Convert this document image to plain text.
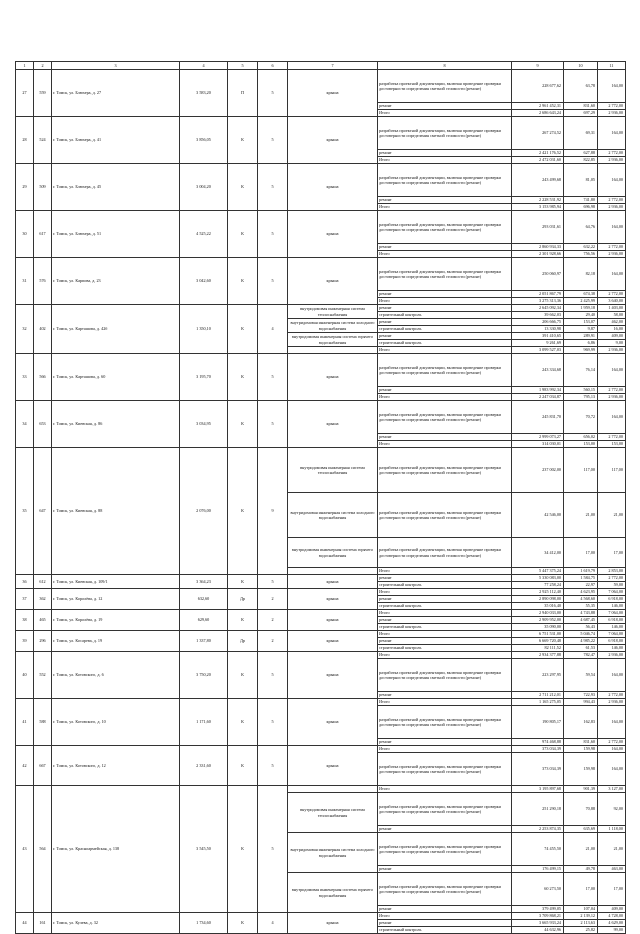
1	2	3	4	5	6	7	8	9	10	11
27	559	г. Томск, ул. Блюхера, д. 27	3 583,20	П	5	крыша	разработка проектной документации, включая проведение проверки достоверности определения сметной стоимости (ремонт)	228 677,62	63,78	164,00
							ремонт	2 961 452,31	831,60	2 772,00
							Итого	2 686 643,24	697,29	2 936,00
28	524	г. Томск, ул. Блюхера, д. 41	3 856,05	К	5	крыша	разработка проектной документации, включая проведение проверки достоверности определения сметной стоимости (ремонт)	267 274,52	69,31	164,00
							ремонт	2 421 176,52	627,88	2 772,00
							Итого	2 472 031,60	822,85	2 936,00
29	509	г. Томск, ул. Блюхера, д. 45	3 004,20	К	5	крыша	разработка проектной документации, включая проведение проверки достоверности определения сметной стоимости (ремонт)	243 499,68	81,05	164,00
							ремонт	2 228 531,92	741,80	2 772,00
							Итого	3 153 985,94	696,98	2 936,00
30	617	г. Томск, ул. Блюхера, д. 51	4 525,22	К	5	крыша	разработка проектной документации, включая проведение проверки достоверности определения сметной стоимости (ремонт)	293 031,61	64,76	164,00
							ремонт	2 860 934,33	632,22	2 772,00
							Итого	2 301 928,66	756,56	2 936,00
31	576	г. Томск, ул. Карпова, д. 23	3 042,60	К	5	крыша	разработка проектной документации, включая проведение проверки достоверности определения сметной стоимости (ремонт)	250 060,97	82,18	164,00
							ремонт	2 051 867,79	674,38	2 772,00
							Итого	3 275 313,36	2 425,99	3 640,00
32	402	г. Томск, ул. Карташова, д. 42б	1 350,10	К	4	внутридомовая инженерная система теплоснабжения	ремонт	2 645 092,34	1 959,18	1 403,00
							строительный контроль	39 662,03	29,40	58,00
						внутридомовая инженерная система холодного водоснабжения	ремонт	206 666,75	153,07	462,00
							строительный контроль	13 330,98	9,87	16,00
						внутридомовая инженерная система горячего водоснабжения	ремонт	391 410,65	289,91	409,00
							строительный контроль	9 261,69	6,86	9,00
							Итого	3 099 527,03	969,99	2 936,00
33	566	г. Томск, ул. Карташова, д. 60	3 195,70	К	5	крыша	разработка проектной документации, включая проведение проверки достоверности определения сметной стоимости (ремонт)	243 334,68	76,14	164,00
							ремонт	1 983 992,34	560,15	2 772,00
							Итого	2 247 034,87	795,13	2 936,00
34	653	г. Томск, ул. Киевская, д. 86	3 034,95	К	5	крыша	разработка проектной документации, включая проведение проверки достоверности определения сметной стоимости (ремонт)	245 831,70	70,72	164,00
							ремонт	2 999 073,27	656,02	2 772,00
							Итого	314 030,01	153,00	153,00
35	647	г. Томск, ул. Киевская, д. 88	2 076,00	К	9	внутридомовая инженерная система теплоснабжения	разработка проектной документации, включая проведение проверки достоверности определения сметной стоимости (ремонт)	237 002,00	117,00	117,00
						внутридомовая инженерная система холодного водоснабжения	разработка проектной документации, включая проведение проверки достоверности определения сметной стоимости (ремонт)	42 546,00	21,00	21,00
						внутридомовая инженерная система горячего водоснабжения	разработка проектной документации, включая проведение проверки достоверности определения сметной стоимости (ремонт)	34 412,00	17,00	17,00
							Итого	5 447 375,24	1 619,79	2 853,00
36	612	г. Томск, ул. Киевская, д. 109/1	3 364,23	К	5	крыша	ремонт	5 330 083,00	1 584,75	2 772,00
							строительный контроль	77 258,24	22,97	59,00
37	362	г. Томск, ул. Королёва, д. 12	632,60	Др	2	крыша	Итого	2 925 112,40	4 623,95	7 064,00
							ремонт	2 890 098,00	4 568,60	6 918,00
							строительный контроль	35 016,40	55,35	146,00
38	465	г. Томск, ул. Королёва, д. 19	629,60	К	2	крыша	Итого	2 940 033,00	4 743,88	7 064,00
							ремонт	2 909 952,00	4 687,45	6 918,00
							строительный контроль	35 090,00	56,43	146,00
39	296	г. Томск, ул. Косарева, д. 19	1 337,80	Др	2	крыша	Итого	6 751 531,00	5 046,74	7 064,00
							ремонт	6 669 720,48	4 985,22	6 918,00
							строительный контроль	82 111,52	61,53	146,00
40	552	г. Томск, ул. Котовского, д. 6	3 750,20	К	5	крыша	Итого	2 934 377,88	782,47	2 936,00
							разработка проектной документации, включая проведение проверки достоверности определения сметной стоимости (ремонт)	223 297,95	59,54	164,00
							ремонт	2 711 212,01	722,93	2 772,00
41	588	г. Томск, ул. Котовского, д. 10	1 171,60	К	5	крыша	Итого	1 165 275,05	994,43	2 936,00
							разработка проектной документации, включая проведение проверки достоверности определения сметной стоимости (ремонт)	190 805,17	162,83	164,00
							ремонт	974 468,88	831,60	2 772,00
42	667	г. Томск, ул. Котовского, д. 12	2 331,60	К	5	крыша	Итого	373 034,39	159,98	164,00
							разработка проектной документации, включая проведение проверки достоверности определения сметной стоимости (ремонт)	373 034,39	159,98	164,00
43	564	г. Томск, ул. Красноармейская, д. 138	3 545,50	К	5		Итого	3 195 897,68	901,39	3 127,00
						внутридомовая инженерная система теплоснабжения	разработка проектной документации, включая проведение проверки достоверности определения сметной стоимости (ремонт)	251 290,18	70,88	92,00
							ремонт	2 253 874,35	635,69	1 118,00
						внутридомовая инженерная система холодного водоснабжения	разработка проектной документации, включая проведение проверки достоверности определения сметной стоимости (ремонт)	74 455,50	21,00	21,00
							ремонт	176 499,15	49,78	463,00
						внутридомовая инженерная система горячего водоснабжения	разработка проектной документации, включая проведение проверки достоверности определения сметной стоимости (ремонт)	60 273,50	17,00	17,00
							ремонт	379 499,05	107,04	409,00
44	161	г. Томск, ул. Кулева, д. 32	1 734,60	К	4	крыша	Итого	3 709 868,21	2 139,12	4 728,00
							ремонт	3 665 933,24	2 113,63	4 629,00
							строительный контроль	44 632,96	25,82	99,00
